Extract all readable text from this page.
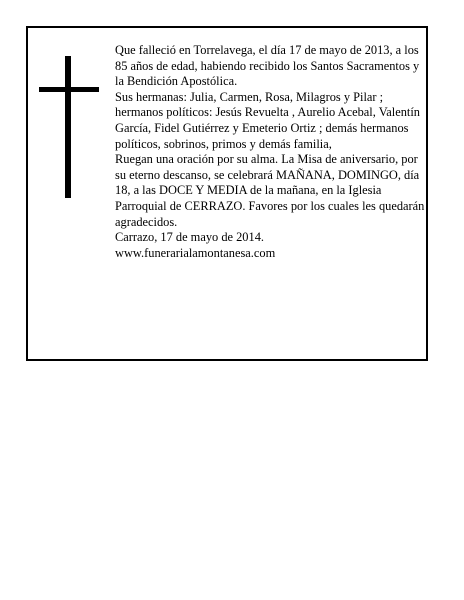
Que falleció en Torrelavega, el día 17 de mayo de 2013, a los 85 años de edad, habiendo recibido los Santos Sacramentos y la Bendición Apostólica.

Sus hermanas: Julia, Carmen, Rosa, Milagros y Pilar ; hermanos políticos: Jesús Revuelta , Aurelio Acebal, Valentín García, Fidel Gutiérrez y Emeterio Ortiz ; demás hermanos políticos, sobrinos, primos y demás familia,

Ruegan una oración por su alma. La Misa de aniversario, por su eterno descanso, se celebrará MAÑANA, DOMINGO, día 18, a las DOCE Y MEDIA de la mañana, en la Iglesia Parroquial de CERRAZO. Favores por los cuales les quedarán agradecidos.

Carrazo, 17 de mayo de 2014.

www.funerarialamontanesa.com
